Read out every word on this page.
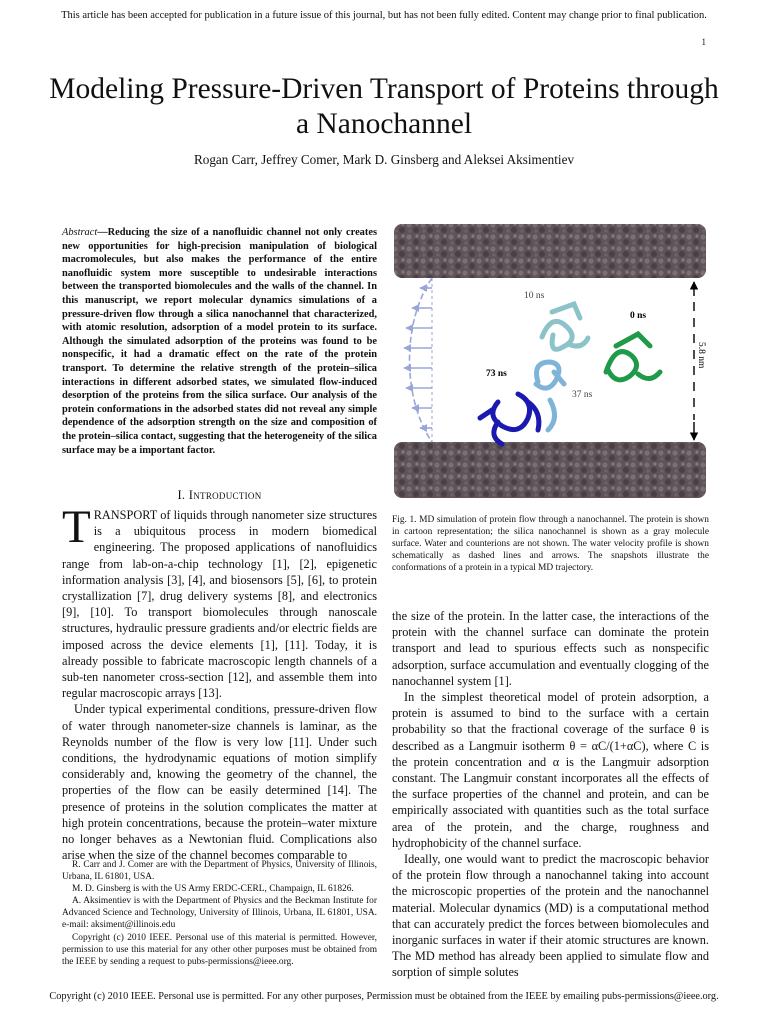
This article has been accepted for publication in a future issue of this journal, but has not been fully edited. Content may change prior to final publication.
1
Modeling Pressure-Driven Transport of Proteins through a Nanochannel
Rogan Carr, Jeffrey Comer, Mark D. Ginsberg and Aleksei Aksimentiev
Abstract—Reducing the size of a nanofluidic channel not only creates new opportunities for high-precision manipulation of biological macromolecules, but also makes the performance of the entire nanofluidic system more susceptible to undesirable interactions between the transported biomolecules and the walls of the channel. In this manuscript, we report molecular dynamics simulations of a pressure-driven flow through a silica nanochannel that characterized, with atomic resolution, adsorption of a model protein to its surface. Although the simulated adsorption of the proteins was found to be nonspecific, it had a dramatic effect on the rate of the protein transport. To determine the relative strength of the protein–silica interactions in different adsorbed states, we simulated flow-induced desorption of the proteins from the silica surface. Our analysis of the protein conformations in the adsorbed states did not reveal any simple dependence of the adsorption strength on the size and composition of the protein–silica contact, suggesting that the heterogeneity of the silica surface may be a important factor.
I. Introduction

TRANSPORT of liquids through nanometer size structures is a ubiquitous process in modern biomedical engineering. The proposed applications of nanofluidics range from lab-on-a-chip technology [1], [2], epigenetic information analysis [3], [4], and biosensors [5], [6], to protein crystallization [7], drug delivery systems [8], and electronics [9], [10]. To transport biomolecules through nanoscale structures, hydraulic pressure gradients and/or electric fields are imposed across the device elements [1], [11]. Today, it is already possible to fabricate macroscopic length channels of a sub-ten nanometer cross-section [12], and assemble them into regular macroscopic arrays [13].

Under typical experimental conditions, pressure-driven flow of water through nanometer-size channels is laminar, as the Reynolds number of the flow is very low [11]. Under such conditions, the hydrodynamic equations of motion simplify considerably and, knowing the geometry of the channel, the properties of the flow can be easily determined [14]. The presence of proteins in the solution complicates the matter at high protein concentrations, because the protein–water mixture no longer behaves as a Newtonian fluid. Complications also arise when the size of the channel becomes comparable to

R. Carr and J. Comer are with the Department of Physics, University of Illinois, Urbana, IL 61801, USA.

M. D. Ginsberg is with the US Army ERDC-CERL, Champaign, IL 61826.

A. Aksimentiev is with the Department of Physics and the Beckman Institute for Advanced Science and Technology, University of Illinois, Urbana, IL 61801, USA. e-mail: aksiment@illinois.edu

Copyright (c) 2010 IEEE. Personal use of this material is permitted. However, permission to use this material for any other other purposes must be obtained from the IEEE by sending a request to pubs-permissions@ieee.org.

10 ns
0 ns
73 ns
37 ns
5.8 nm
Fig. 1. MD simulation of protein flow through a nanochannel. The protein is shown in cartoon representation; the silica nanochannel is shown as a gray molecule surface. Water and counterions are not shown. The water velocity profile is shown schematically as dashed lines and arrows. The snapshots illustrate the conformations of a protein in a typical MD trajectory.

the size of the protein. In the latter case, the interactions of the protein with the channel surface can dominate the protein transport and lead to spurious effects such as nonspecific adsorption, surface accumulation and eventually clogging of the nanochannel system [1].

In the simplest theoretical model of protein adsorption, a protein is assumed to bind to the surface with a certain probability so that the fractional coverage of the surface θ is described as a Langmuir isotherm θ = αC/(1+αC), where C is the protein concentration and α is the Langmuir adsorption constant. The Langmuir constant incorporates all the effects of the surface properties of the channel and protein, and can be empirically associated with quantities such as the total surface area of the protein, and the charge, roughness and hydrophobicity of the channel surface.

Ideally, one would want to predict the macroscopic behavior of the protein flow through a nanochannel taking into account the microscopic properties of the protein and the nanochannel material. Molecular dynamics (MD) is a computational method that can accurately predict the forces between biomolecules and inorganic surfaces in water if their atomic structures are known. The MD method has already been applied to simulate flow and sorption of simple solutes

Copyright (c) 2010 IEEE. Personal use is permitted. For any other purposes, Permission must be obtained from the IEEE by emailing pubs-permissions@ieee.org.
